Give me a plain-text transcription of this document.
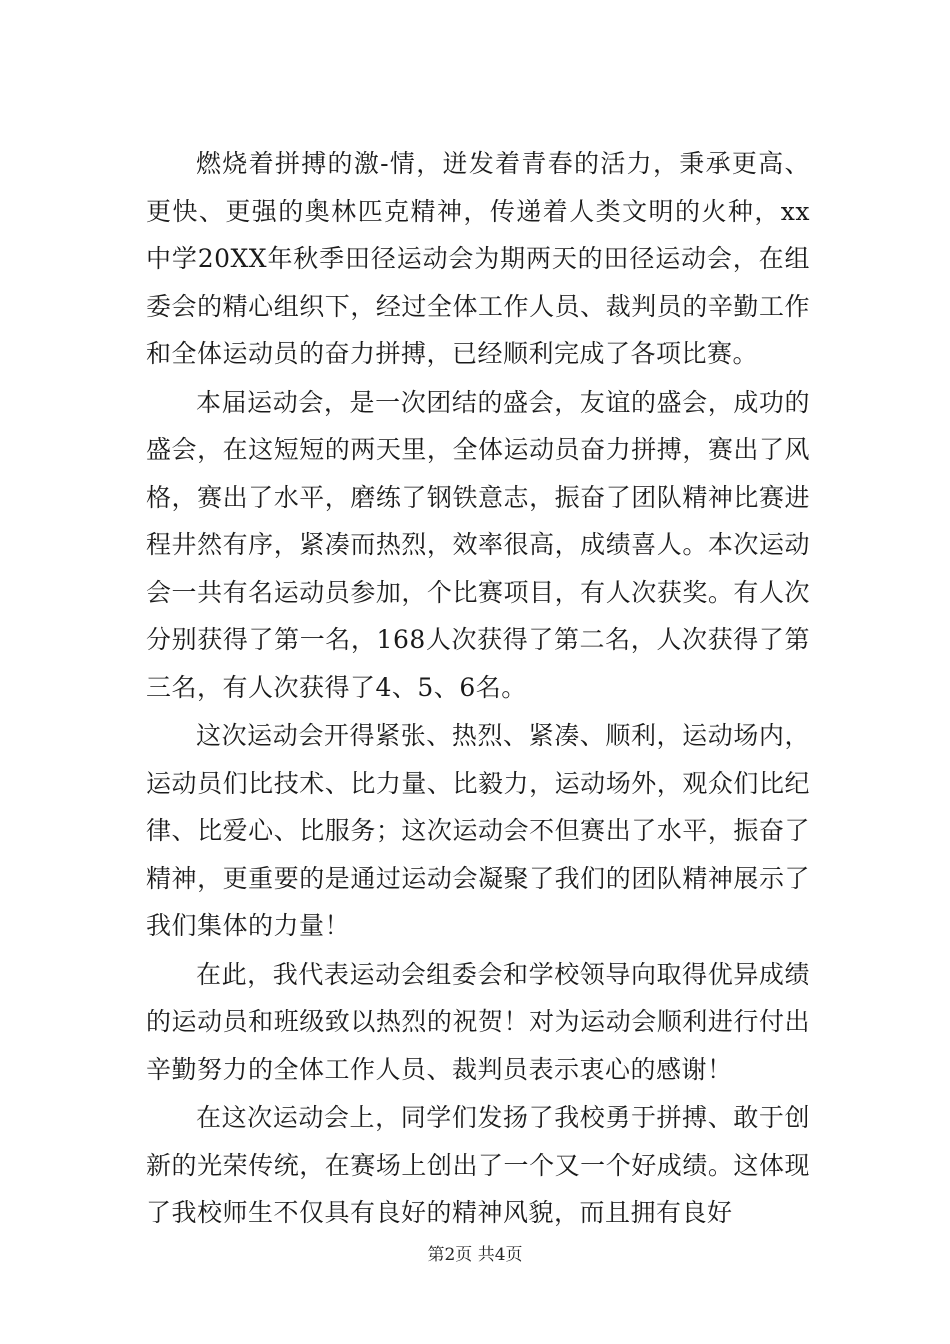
燃烧着拼搏的激-情，迸发着青春的活力，秉承更高、更快、更强的奥林匹克精神，传递着人类文明的火种，xx中学20XX年秋季田径运动会为期两天的田径运动会，在组委会的精心组织下，经过全体工作人员、裁判员的辛勤工作和全体运动员的奋力拼搏，已经顺利完成了各项比赛。

本届运动会，是一次团结的盛会，友谊的盛会，成功的盛会，在这短短的两天里，全体运动员奋力拼搏，赛出了风格，赛出了水平，磨练了钢铁意志，振奋了团队精神比赛进程井然有序，紧凑而热烈，效率很高，成绩喜人。本次运动会一共有名运动员参加，个比赛项目，有人次获奖。有人次分别获得了第一名，168人次获得了第二名，人次获得了第三名，有人次获得了4、5、6名。

这次运动会开得紧张、热烈、紧凑、顺利，运动场内，运动员们比技术、比力量、比毅力，运动场外，观众们比纪律、比爱心、比服务；这次运动会不但赛出了水平，振奋了精神，更重要的是通过运动会凝聚了我们的团队精神展示了我们集体的力量！

在此，我代表运动会组委会和学校领导向取得优异成绩的运动员和班级致以热烈的祝贺！对为运动会顺利进行付出辛勤努力的全体工作人员、裁判员表示衷心的感谢！

在这次运动会上，同学们发扬了我校勇于拼搏、敢于创新的光荣传统，在赛场上创出了一个又一个好成绩。这体现了我校师生不仅具有良好的精神风貌，而且拥有良好

第2页 共4页
